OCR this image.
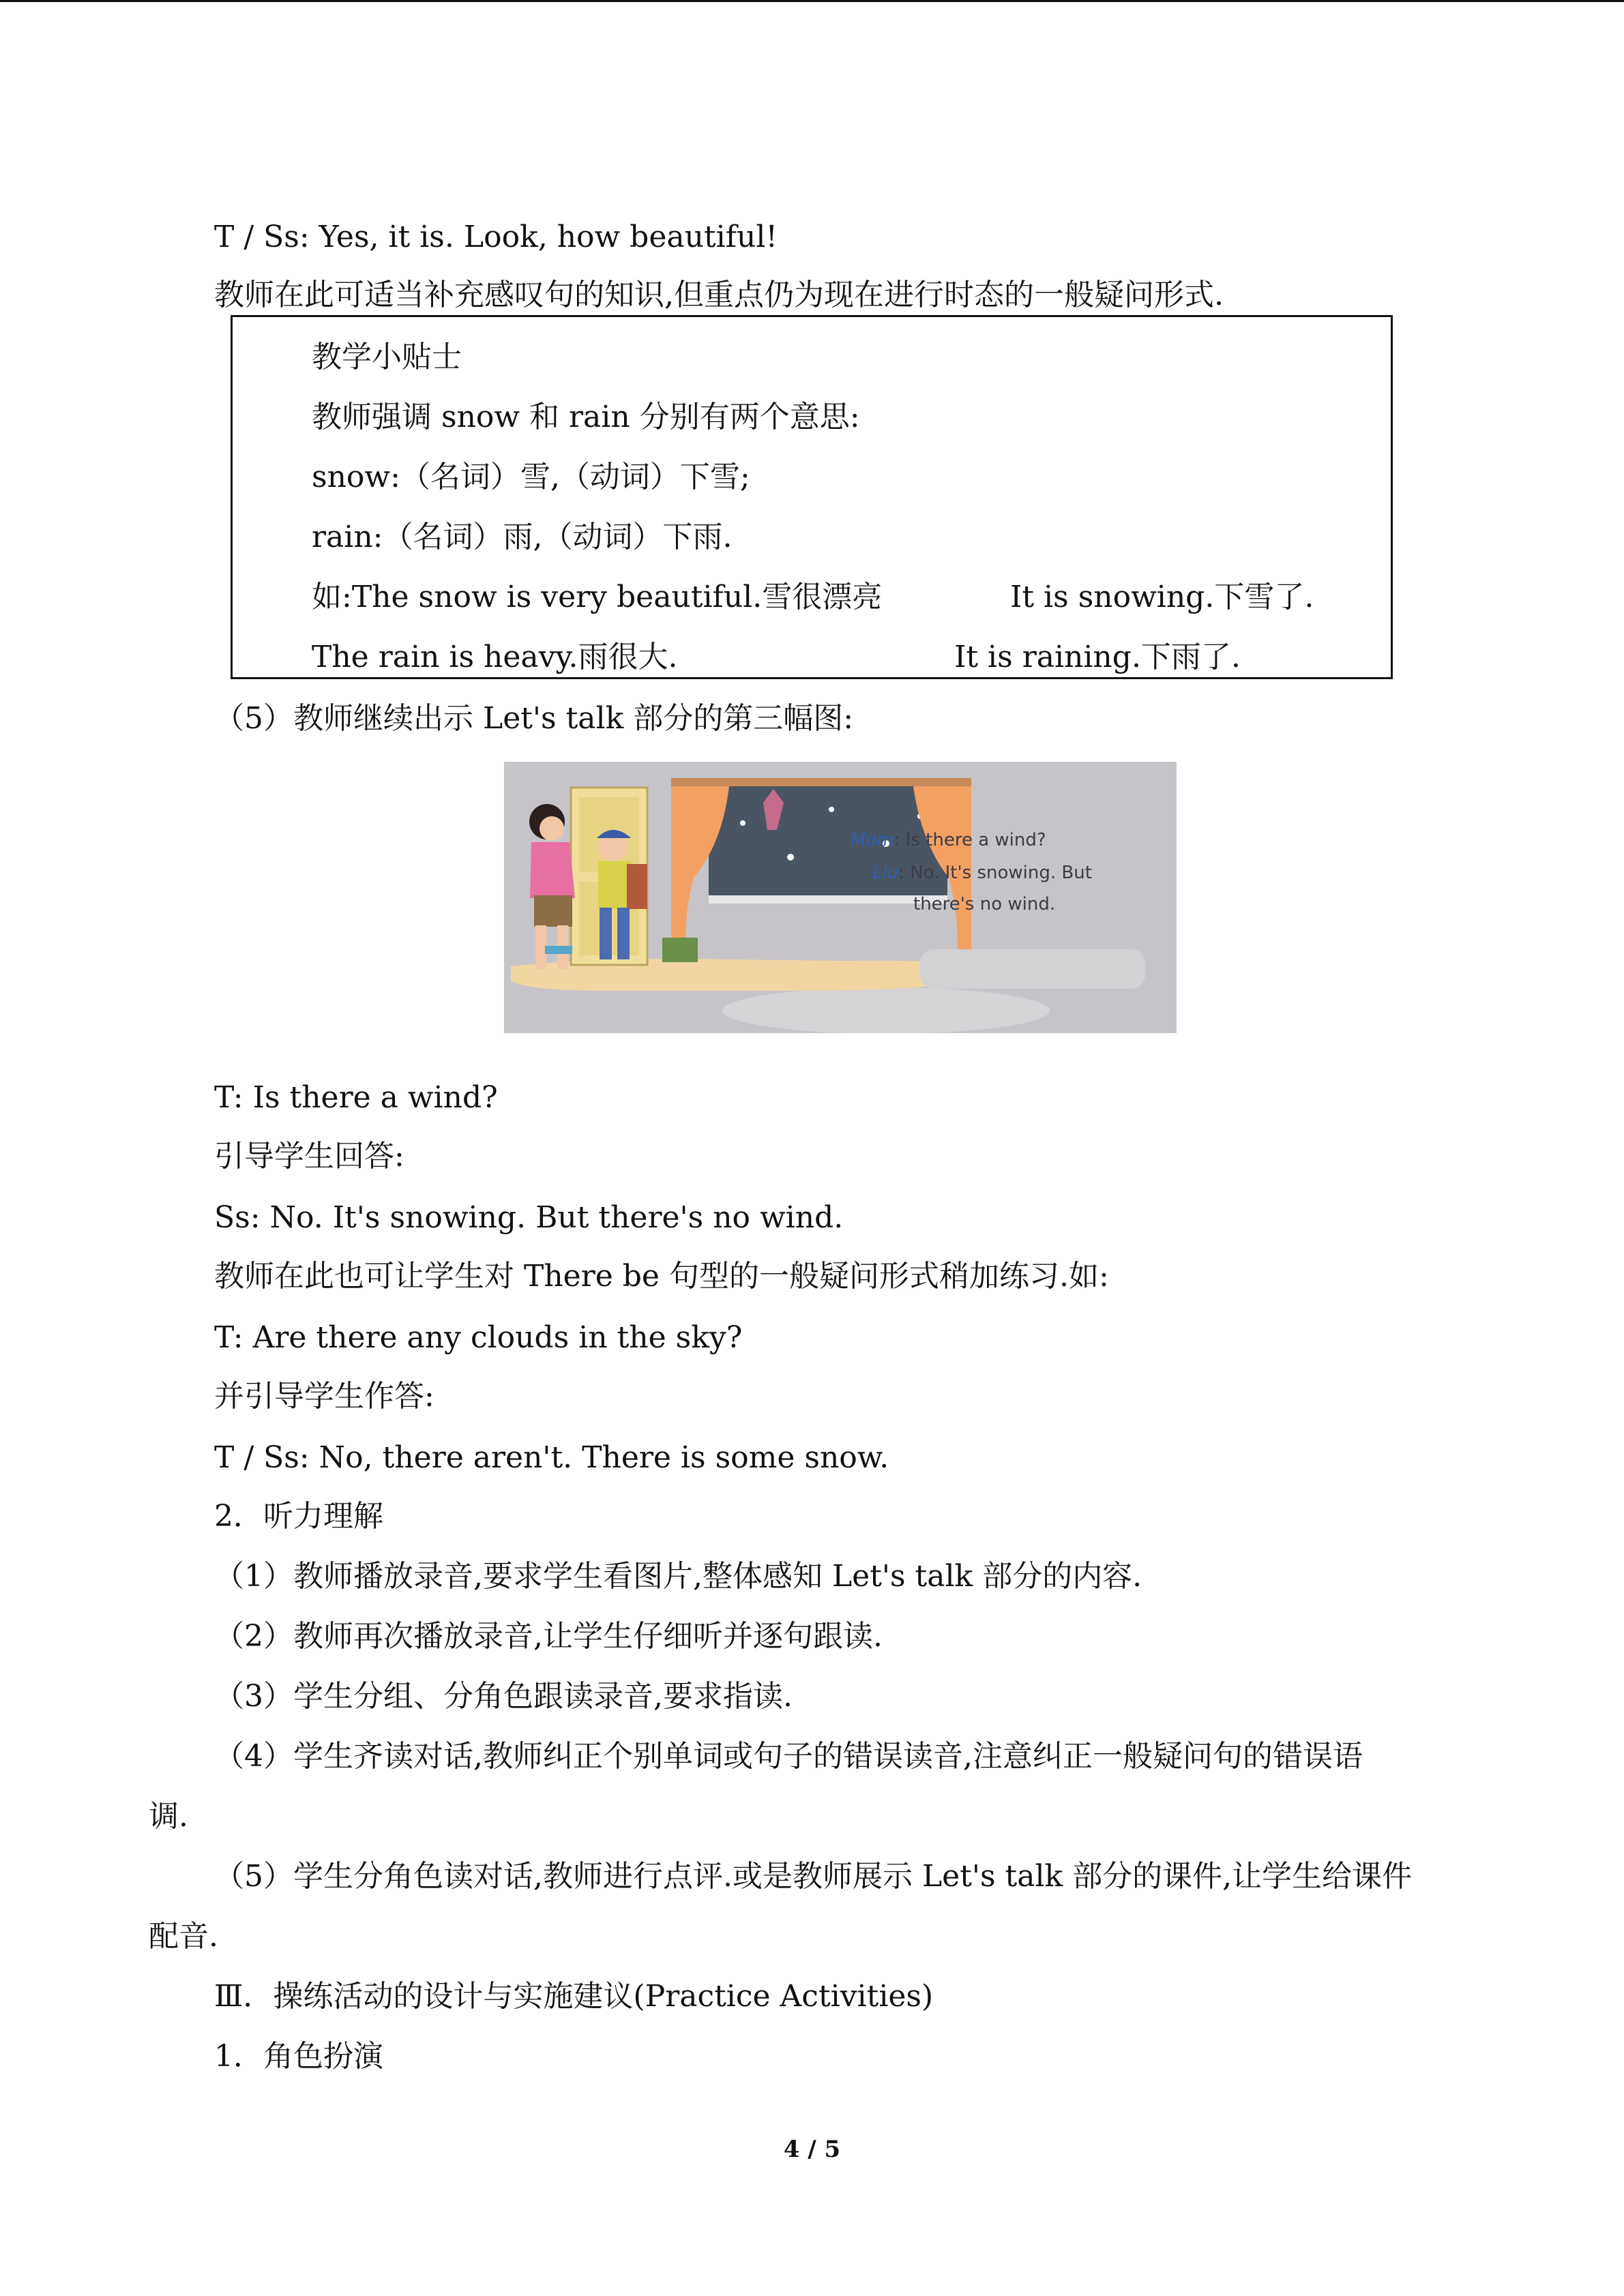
T / Ss: Yes, it is. Look, how beautiful!

教师在此可适当补充感叹句的知识,但重点仍为现在进行时态的一般疑问形式.

教学小贴士

教师强调 snow 和 rain 分别有两个意思:

snow:（名词）雪,（动词）下雪;

rain:（名词）雨,（动词）下雨.

如:The snow is very beautiful.雪很漂亮	It is snowing.下雪了.

The rain is heavy.雨很大.	It is raining.下雨了.

（5）教师继续出示 Let's talk 部分的第三幅图:

Mom: Is there a wind?
Liu: No. It's snowing. But
there's no wind.

T: Is there a wind?

引导学生回答:

Ss: No. It's snowing. But there's no wind.

教师在此也可让学生对 There be 句型的一般疑问形式稍加练习.如:

T: Are there any clouds in the sky?

并引导学生作答:

T / Ss: No, there aren't. There is some snow.

2．听力理解

（1）教师播放录音,要求学生看图片,整体感知 Let's talk 部分的内容.

（2）教师再次播放录音,让学生仔细听并逐句跟读.

（3）学生分组、分角色跟读录音,要求指读.

（4）学生齐读对话,教师纠正个别单词或句子的错误读音,注意纠正一般疑问句的错误语

调.

（5）学生分角色读对话,教师进行点评.或是教师展示 Let's talk 部分的课件,让学生给课件

配音.

Ⅲ．操练活动的设计与实施建议(Practice Activities)

1．角色扮演

4 / 5
